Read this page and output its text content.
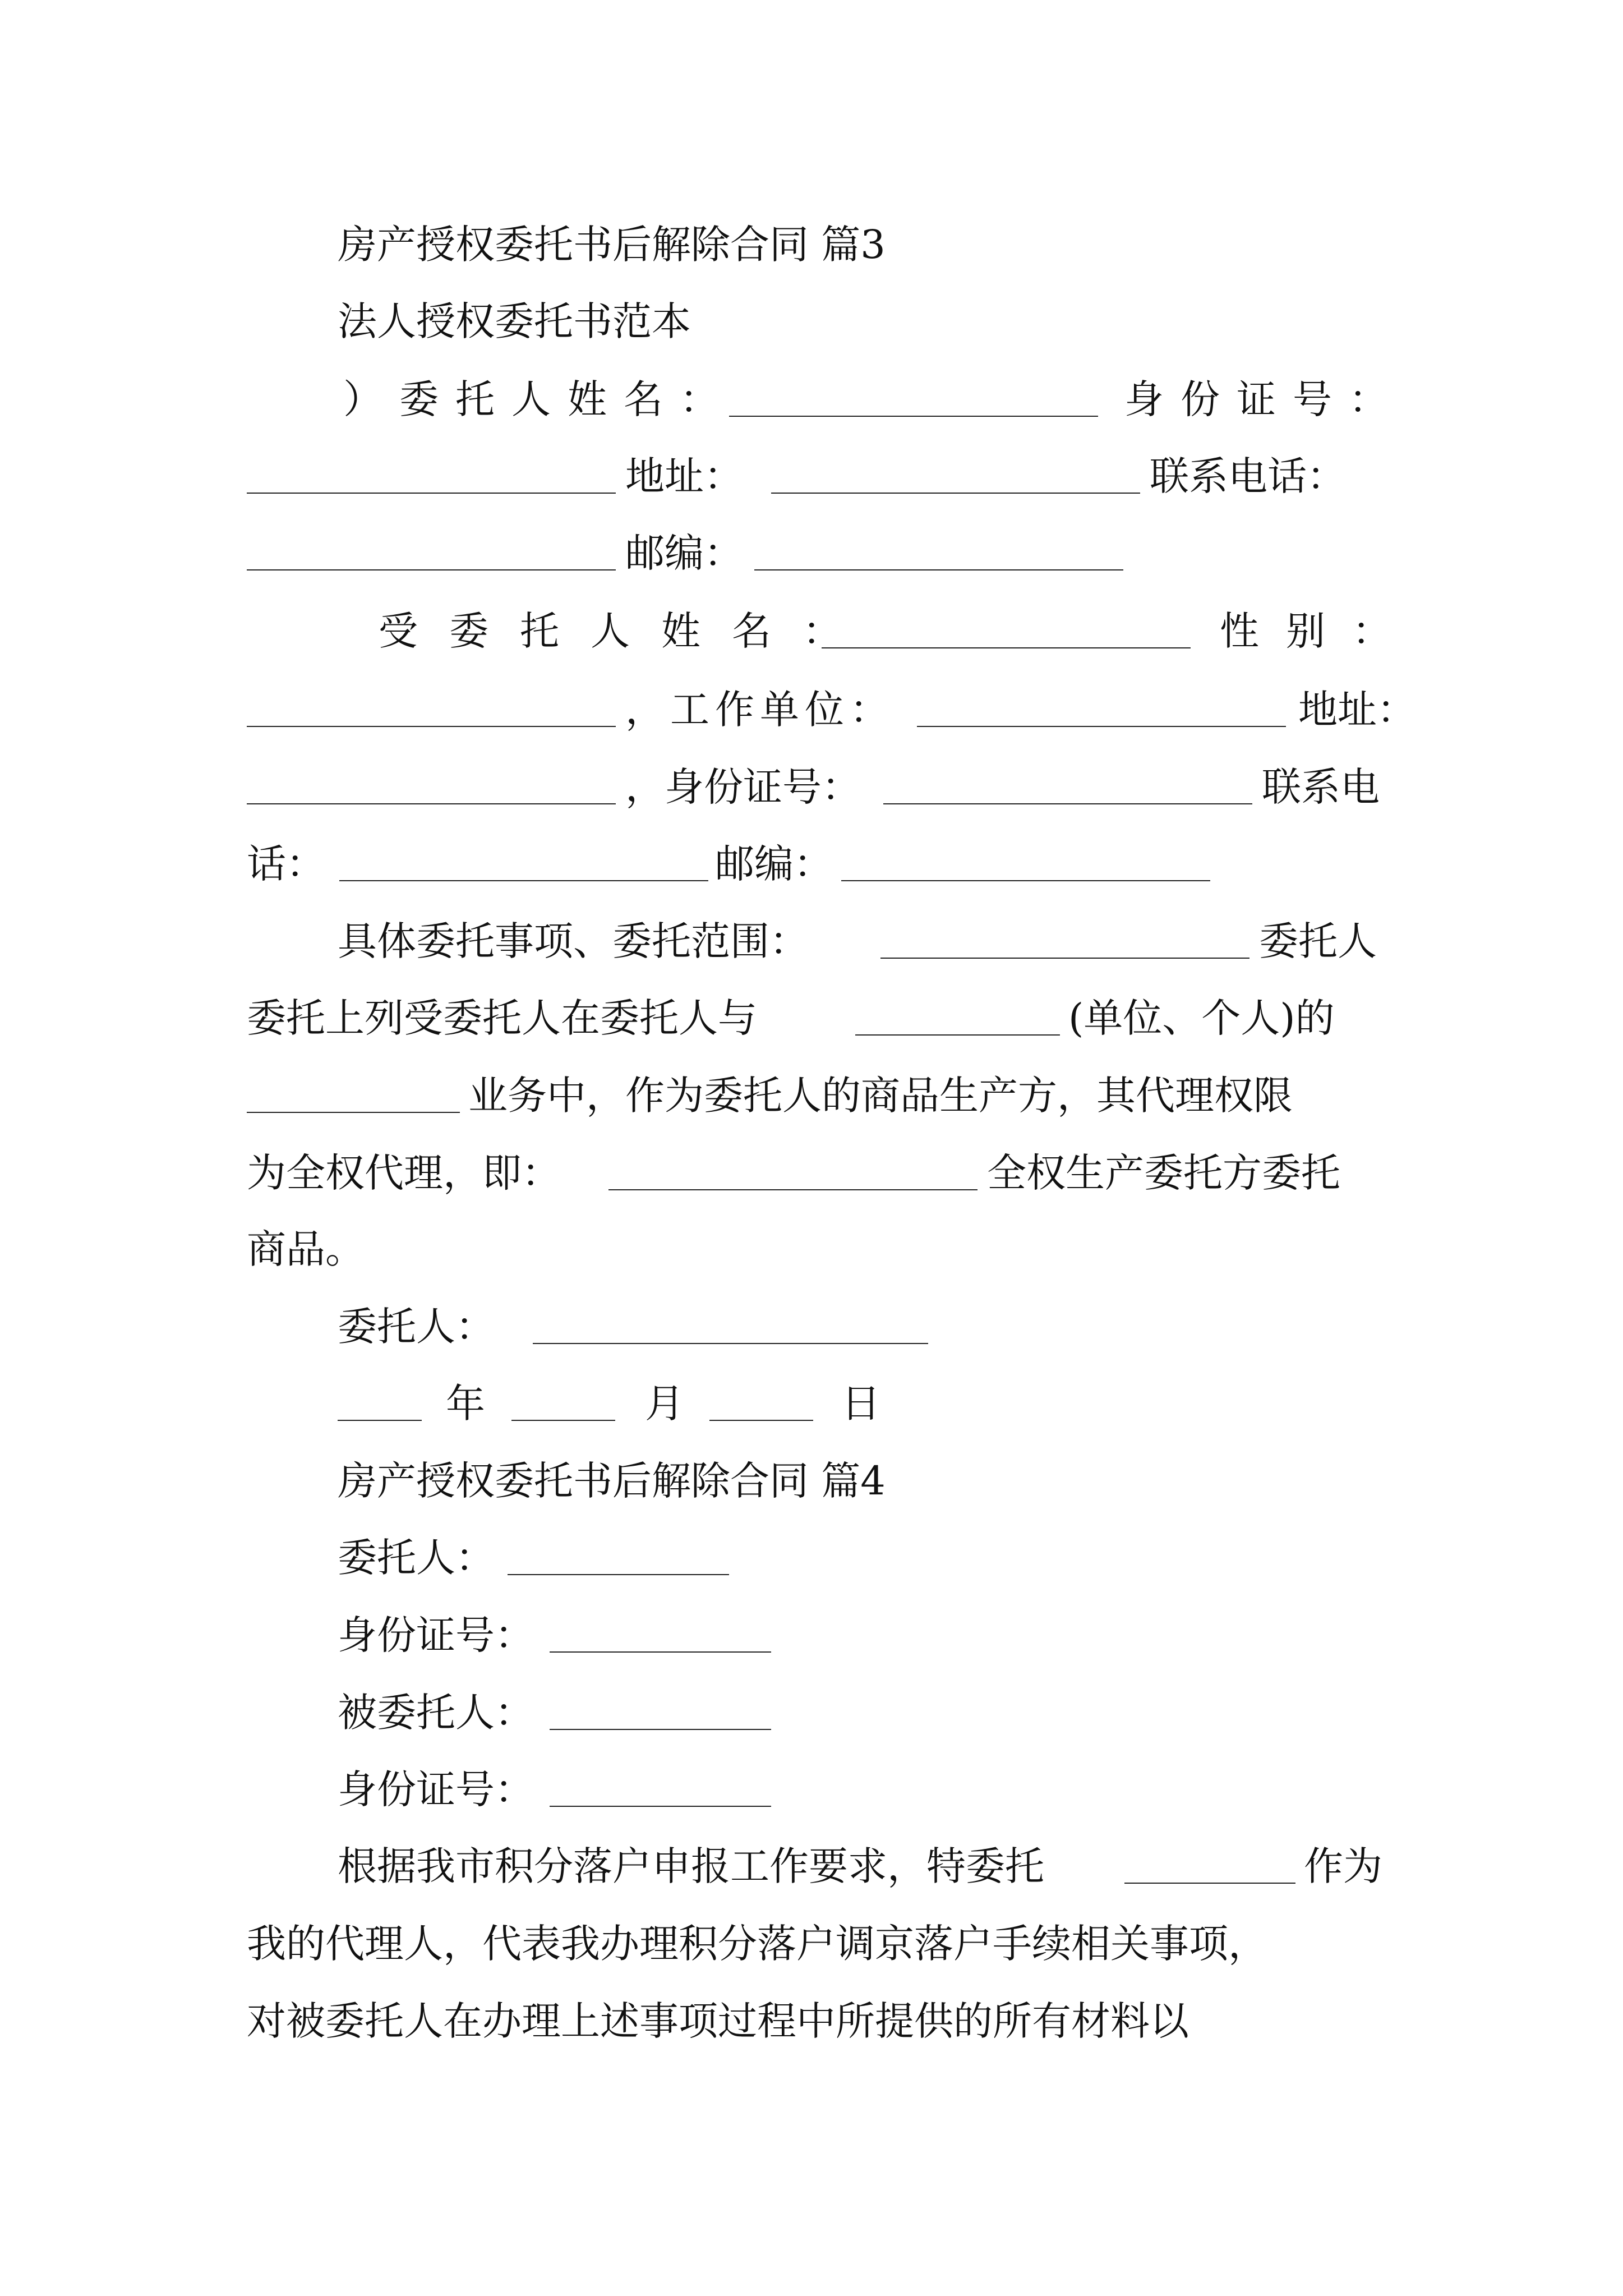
房产授权委托书后解除合同 篇3
法人授权委托书范本
）委托人姓名：	身份证号：
地址：	联系电话：
邮编：
受委托人姓名：	性别：
，工作单位：	地址：
，身份证号：	联系电
话：	邮编：
具体委托事项、委托范围：	委托人
委托上列受委托人在委托人与	(单位、个人)的
业务中，作为委托人的商品生产方，其代理权限
为全权代理，即：	全权生产委托方委托
商品。
委托人：
年	月	日
房产授权委托书后解除合同 篇4
委托人：
身份证号：
被委托人：
身份证号：
根据我市积分落户申报工作要求，特委托	作为
我的代理人，代表我办理积分落户调京落户手续相关事项，
对被委托人在办理上述事项过程中所提供的所有材料以
